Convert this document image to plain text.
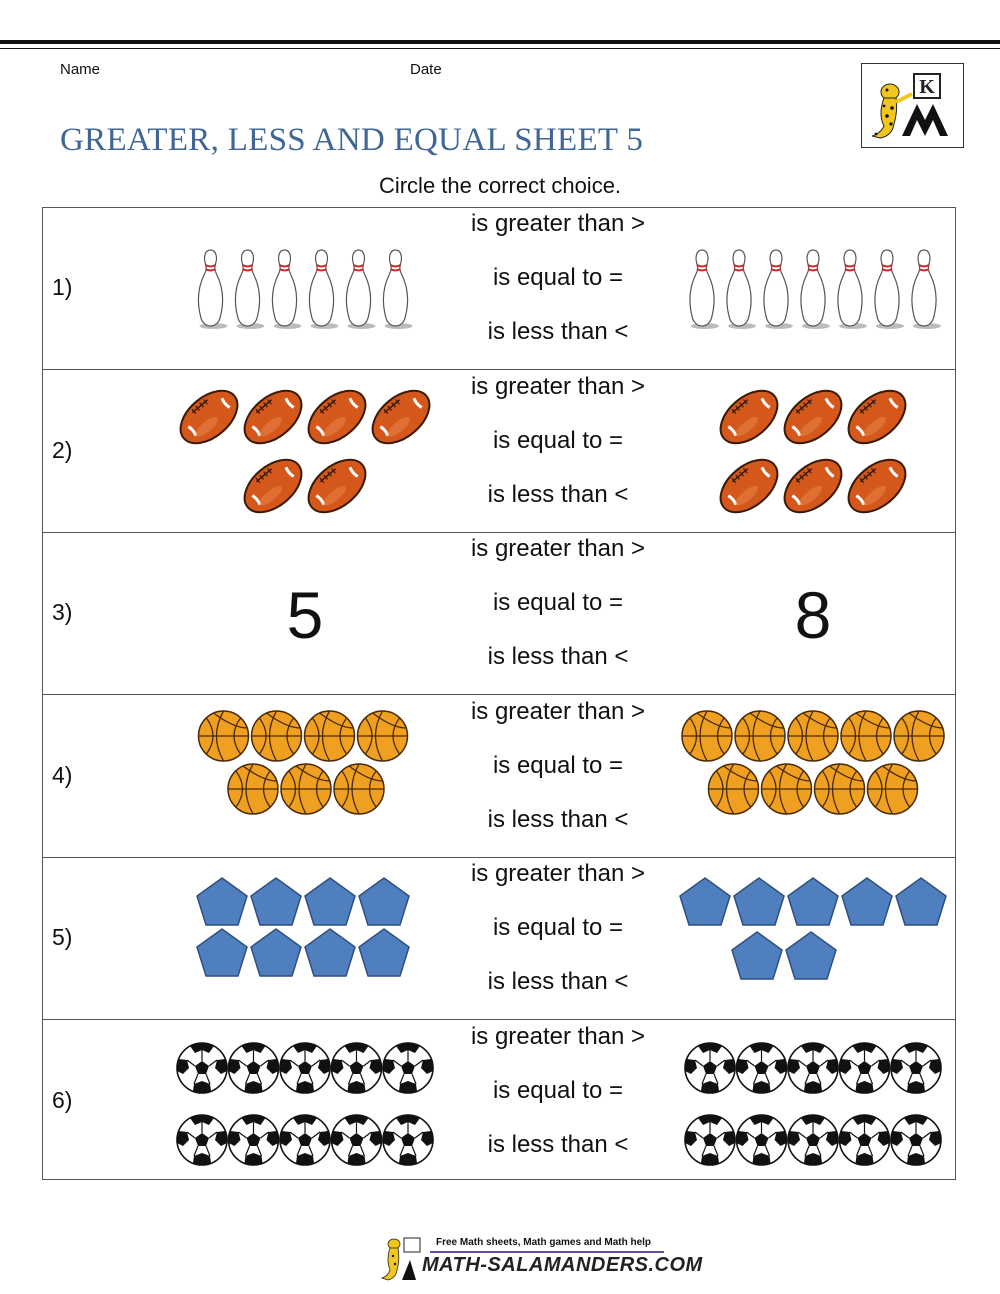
Name	Date
K
GREATER, LESS AND EQUAL SHEET 5
Circle the correct choice.
1)
is greater than >
is equal to =
is less than <
2)
is greater than >
is equal to =
is less than <
3)
is greater than >
is equal to =
is less than <
5	8
4)
is greater than >
is equal to =
is less than <
5)
is greater than >
is equal to =
is less than <
6)
is greater than >
is equal to =
is less than <
Free Math sheets, Math games and Math help
MATH-SALAMANDERS.COM
